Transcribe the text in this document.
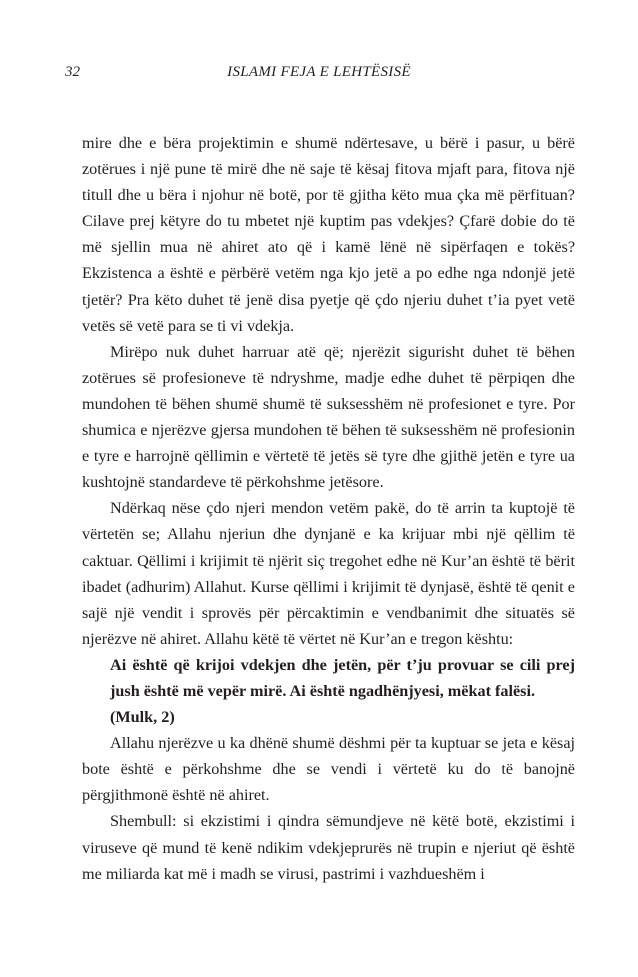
32	ISLAMI FEJA E LEHTËSISË

mire dhe e bëra projektimin e shumë ndërtesave, u bërë i pasur, u bërë zotërues i një pune të mirë dhe në saje të kësaj fitova mjaft para, fitova një titull dhe u bëra i njohur në botë, por të gjitha këto mua çka më përfituan? Cilave prej këtyre do tu mbetet një kuptim pas vdekjes? Çfarë dobie do të më sjellin mua në ahiret ato që i kamë lënë në sipërfaqen e tokës? Ekzistenca a është e përbërë vetëm nga kjo jetë a po edhe nga ndonjë jetë tjetër? Pra këto duhet të jenë disa pyetje që çdo njeriu duhet t’ia pyet vetë vetës së vetë para se ti vi vdekja.

Mirëpo nuk duhet harruar atë që; njerëzit sigurisht duhet të bëhen zotërues së profesioneve të ndryshme, madje edhe duhet të përpiqen dhe mundohen të bëhen shumë shumë të suksesshëm në profesionet e tyre. Por shumica e njerëzve gjersa mundohen të bëhen të suksesshëm në profesionin e tyre e harrojnë qëllimin e vërtetë të jetës së tyre dhe gjithë jetën e tyre ua kushtojnë standardeve të përkohshme jetësore.

Ndërkaq nëse çdo njeri mendon vetëm pakë, do të arrin ta kuptojë të vërtetën se; Allahu njeriun dhe dynjanë e ka krijuar mbi një qëllim të caktuar. Qëllimi i krijimit të njërit siç tregohet edhe në Kur’an është të bërit ibadet (adhurim) Allahut. Kurse qëllimi i krijimit të dynjasë, është të qenit e sajë një vendit i sprovës për përcaktimin e vendbanimit dhe situatës së njerëzve në ahiret. Allahu këtë të vërtet në Kur’an e tregon kështu:

Ai është që krijoi vdekjen dhe jetën, për t’ju provuar se cili prej jush është më vepër mirë. Ai është ngadhënjyesi, mëkat falësi.

(Mulk, 2)

Allahu njerëzve u ka dhënë shumë dëshmi për ta kuptuar se jeta e kësaj bote është e përkohshme dhe se vendi i vërtetë ku do të banojnë përgjithmonë është në ahiret.

Shembull: si ekzistimi i qindra sëmundjeve në këtë botë, ekzistimi i viruseve që mund të kenë ndikim vdekjeprurës në trupin e njeriut që është me miliarda kat më i madh se virusi, pastrimi i vazhdueshëm i
